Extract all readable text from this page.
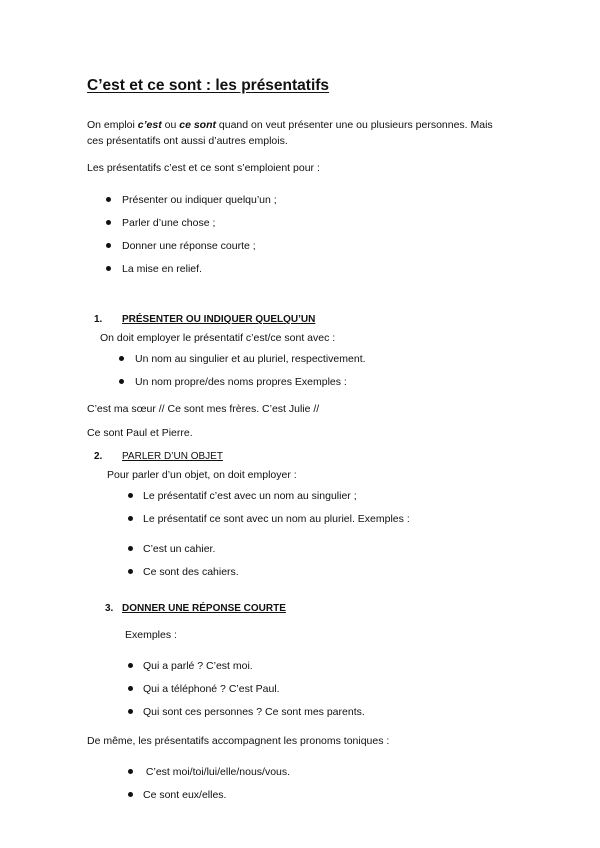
C’est et ce sont : les présentatifs
On emploi c’est ou ce sont quand on veut présenter une ou plusieurs personnes. Mais
ces présentatifs ont aussi d’autres emplois.
Les présentatifs c’est et ce sont s’emploient pour :
Présenter ou indiquer quelqu’un ;
Parler d’une chose ;
Donner une réponse courte ;
La mise en relief.
1. PRÉSENTER OU INDIQUER QUELQU’UN
On doit employer le présentatif c’est/ce sont avec :
Un nom au singulier et au pluriel, respectivement.
Un nom propre/des noms propres Exemples :
C’est ma sœur // Ce sont mes frères. C’est Julie //
Ce sont Paul et Pierre.
2. PARLER D’UN OBJET
Pour parler d’un objet, on doit employer :
Le présentatif c’est avec un nom au singulier ;
Le présentatif ce sont avec un nom au pluriel. Exemples :
C’est un cahier.
Ce sont des cahiers.
3. DONNER UNE RÉPONSE COURTE
Exemples :
Qui a parlé ? C’est moi.
Qui a téléphoné ? C’est Paul.
Qui sont ces personnes ? Ce sont mes parents.
De même, les présentatifs accompagnent les pronoms toniques :
C’est moi/toi/lui/elle/nous/vous.
Ce sont eux/elles.
